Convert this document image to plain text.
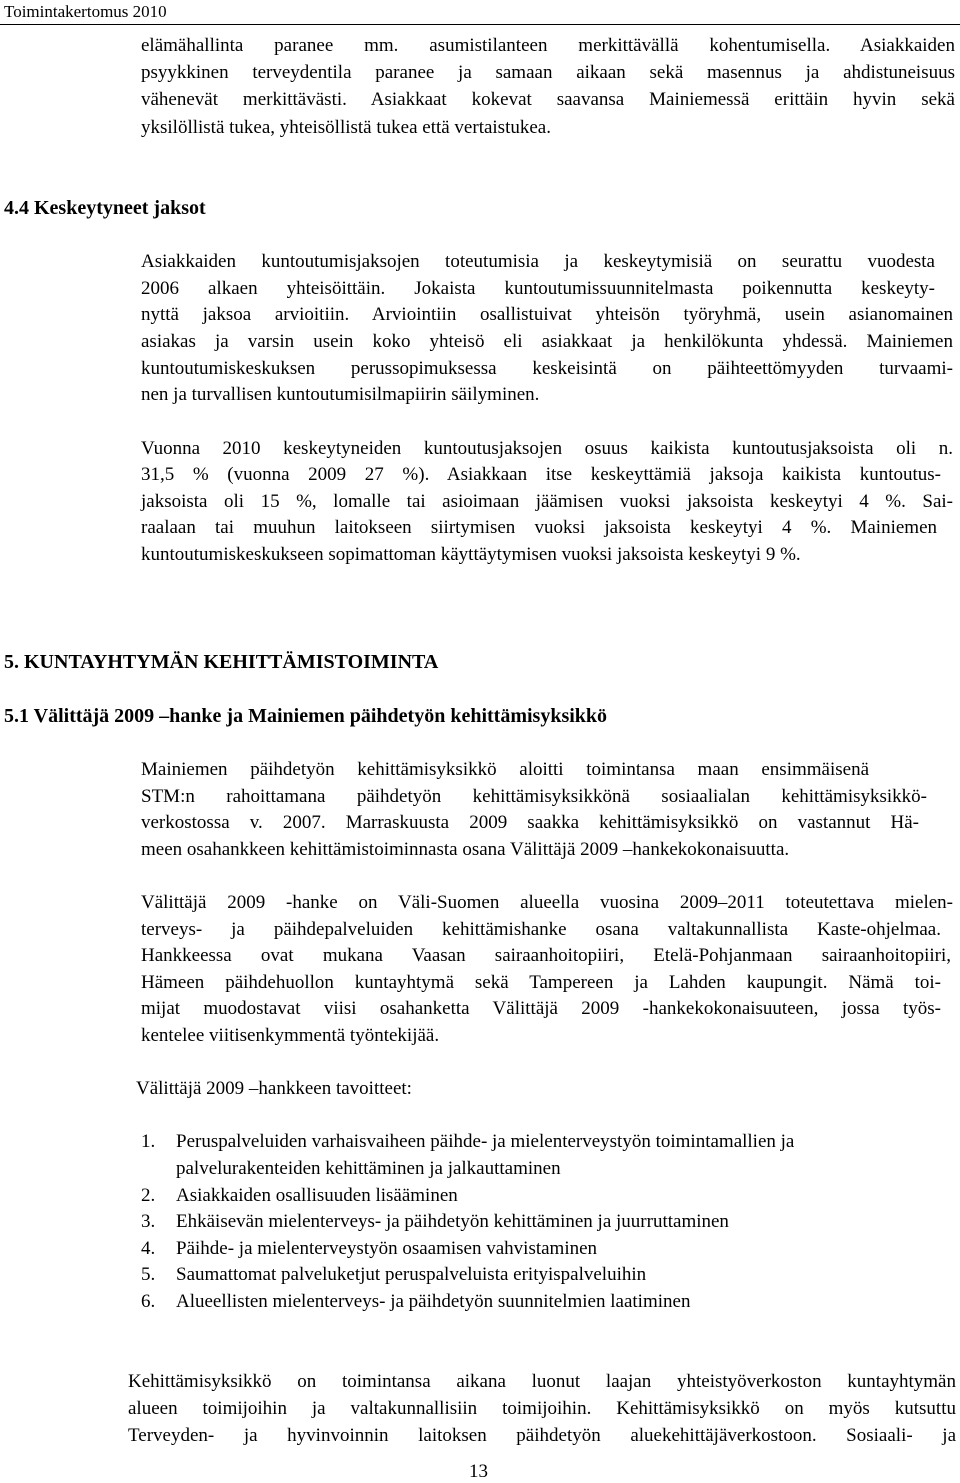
Toimintakertomus 2010
elämähallinta paranee mm. asumistilanteen merkittävällä kohentumisella. Asiakkaiden
psyykkinen terveydentila paranee ja samaan aikaan sekä masennus ja ahdistuneisuus
vähenevät merkittävästi. Asiakkaat kokevat saavansa Mainiemessä erittäin hyvin sekä
yksilöllistä tukea, yhteisöllistä tukea että vertaistukea.
4.4 Keskeytyneet jaksot
Asiakkaiden kuntoutumisjaksojen toteutumisia ja keskeytymisiä on seurattu vuodesta
2006 alkaen yhteisöittäin. Jokaista kuntoutumissuunnitelmasta poikennutta keskeyty-
nyttä jaksoa arvioitiin. Arviointiin osallistuivat yhteisön työryhmä, usein asianomainen
asiakas ja varsin usein koko yhteisö eli asiakkaat ja henkilökunta yhdessä. Mainiemen
kuntoutumiskeskuksen perussopimuksessa keskeisintä on päihteettömyyden turvaami-
nen ja turvallisen kuntoutumisilmapiirin säilyminen.
Vuonna 2010 keskeytyneiden kuntoutusjaksojen osuus kaikista kuntoutusjaksoista oli n.
31,5 % (vuonna 2009 27 %). Asiakkaan itse keskeyttämiä jaksoja kaikista kuntoutus-
jaksoista oli 15 %, lomalle tai asioimaan jäämisen vuoksi jaksoista keskeytyi 4 %. Sai-
raalaan tai muuhun laitokseen siirtymisen vuoksi jaksoista keskeytyi 4 %. Mainiemen
kuntoutumiskeskukseen sopimattoman käyttäytymisen vuoksi jaksoista keskeytyi 9 %.
5. KUNTAYHTYMÄN KEHITTÄMISTOIMINTA
5.1 Välittäjä 2009 –hanke ja Mainiemen päihdetyön kehittämisyksikkö
Mainiemen päihdetyön kehittämisyksikkö aloitti toimintansa maan ensimmäisenä
STM:n rahoittamana päihdetyön kehittämisyksikkönä sosiaalialan kehittämisyksikkö-
verkostossa v. 2007. Marraskuusta 2009 saakka kehittämisyksikkö on vastannut Hä-
meen osahankkeen kehittämistoiminnasta osana Välittäjä 2009 –hankekokonaisuutta.
Välittäjä 2009 -hanke on Väli-Suomen alueella vuosina 2009–2011 toteutettava mielen-
terveys- ja päihdepalveluiden kehittämishanke osana valtakunnallista Kaste-ohjelmaa.
Hankkeessa ovat mukana Vaasan sairaanhoitopiiri, Etelä-Pohjanmaan sairaanhoitopiiri,
Hämeen päihdehuollon kuntayhtymä sekä Tampereen ja Lahden kaupungit. Nämä toi-
mijat muodostavat viisi osahanketta Välittäjä 2009 -hankekokonaisuuteen, jossa työs-
kentelee viitisenkymmentä työntekijää.
Välittäjä 2009 –hankkeen tavoitteet:
1. Peruspalveluiden varhaisvaiheen päihde- ja mielenterveystyön toimintamallien ja
palvelurakenteiden kehittäminen ja jalkauttaminen
2. Asiakkaiden osallisuuden lisääminen
3. Ehkäisevän mielenterveys- ja päihdetyön kehittäminen ja juurruttaminen
4. Päihde- ja mielenterveystyön osaamisen vahvistaminen
5. Saumattomat palveluketjut peruspalveluista erityispalveluihin
6. Alueellisten mielenterveys- ja päihdetyön suunnitelmien laatiminen
Kehittämisyksikkö on toimintansa aikana luonut laajan yhteistyöverkoston kuntayhtymän
alueen toimijoihin ja valtakunnallisiin toimijoihin. Kehittämisyksikkö on myös kutsuttu
Terveyden- ja hyvinvoinnin laitoksen päihdetyön aluekehittäjäverkostoon. Sosiaali- ja
13
